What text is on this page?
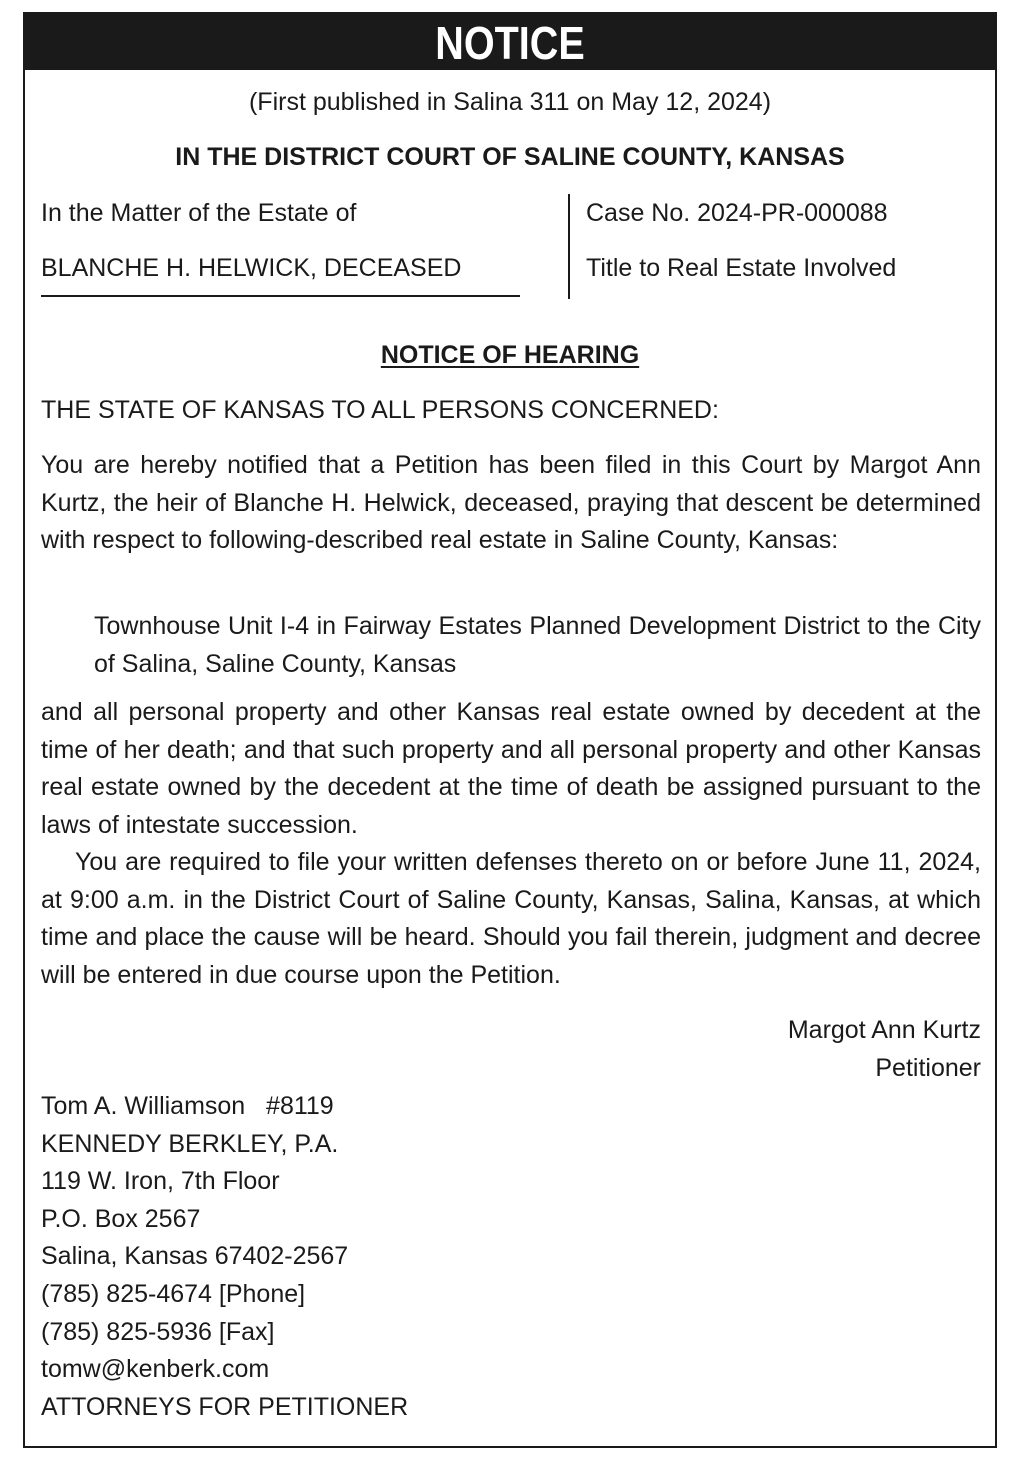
NOTICE
(First published in Salina 311 on May 12, 2024)
IN THE DISTRICT COURT OF SALINE COUNTY, KANSAS
In the Matter of the Estate of
BLANCHE H. HELWICK, DECEASED
Case No. 2024-PR-000088
Title to Real Estate Involved
NOTICE OF HEARING
THE STATE OF KANSAS TO ALL PERSONS CONCERNED:

You are hereby notified that a Petition has been filed in this Court by Margot Ann Kurtz, the heir of Blanche H. Helwick, deceased, praying that descent be determined with respect to following-described real estate in Saline County, Kansas:

Townhouse Unit I-4 in Fairway Estates Planned Development District to the City of Salina, Saline County, Kansas

and all personal property and other Kansas real estate owned by decedent at the time of her death; and that such property and all personal property and other Kansas real estate owned by the decedent at the time of death be assigned pursuant to the laws of intestate succession.

You are required to file your written defenses thereto on or before June 11, 2024, at 9:00 a.m. in the District Court of Saline County, Kansas, Salina, Kansas, at which time and place the cause will be heard. Should you fail therein, judgment and decree will be entered in due course upon the Petition.

Margot Ann Kurtz
Petitioner
Tom A. Williamson   #8119
KENNEDY BERKLEY, P.A.
119 W. Iron, 7th Floor
P.O. Box 2567
Salina, Kansas 67402-2567
(785) 825-4674 [Phone]
(785) 825-5936 [Fax]
tomw@kenberk.com
ATTORNEYS FOR PETITIONER
